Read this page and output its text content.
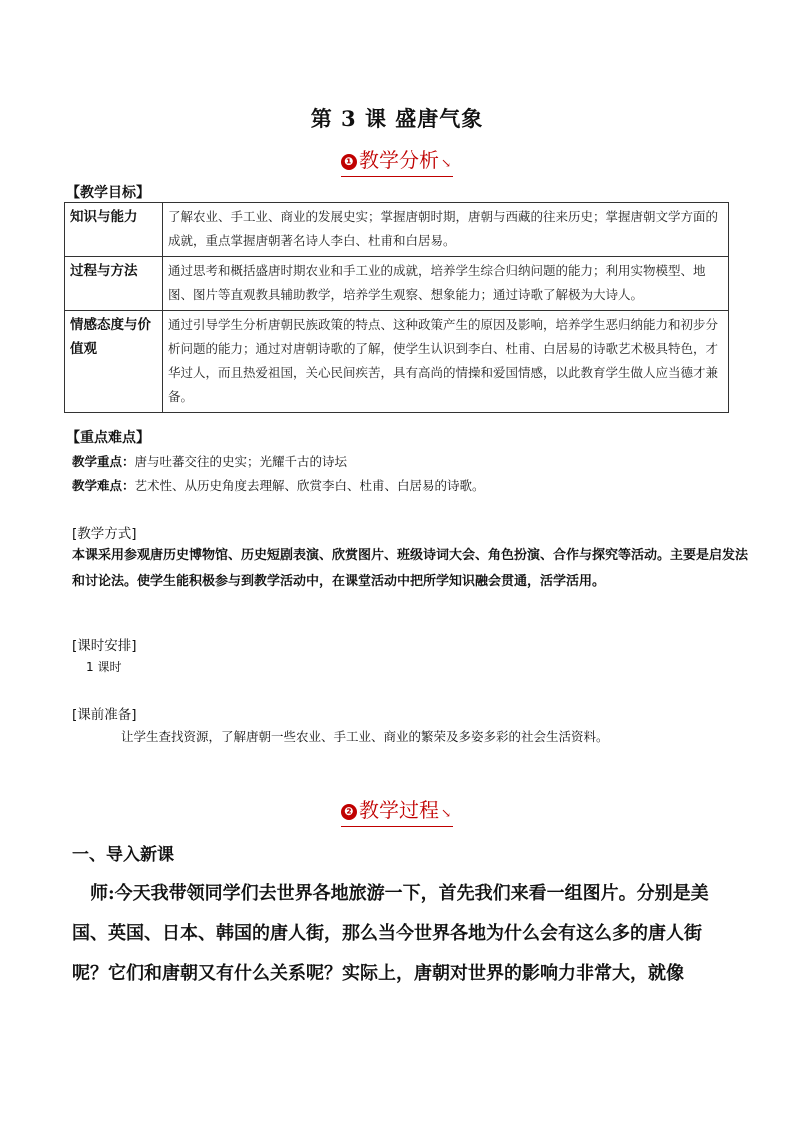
第 3 课 盛唐气象
❶ 教学分析 ↘
【教学目标】
知识与能力	了解农业、手工业、商业的发展史实；掌握唐朝时期，唐朝与西藏的往来历史；掌握唐朝文学方面的成就，重点掌握唐朝著名诗人李白、杜甫和白居易。
过程与方法	通过思考和概括盛唐时期农业和手工业的成就，培养学生综合归纳问题的能力；利用实物模型、地图、图片等直观教具辅助教学，培养学生观察、想象能力；通过诗歌了解极为大诗人。
情感态度与价值观	通过引导学生分析唐朝民族政策的特点、这种政策产生的原因及影响，培养学生恶归纳能力和初步分析问题的能力；通过对唐朝诗歌的了解，使学生认识到李白、杜甫、白居易的诗歌艺术极具特色，才华过人，而且热爱祖国，关心民间疾苦，具有高尚的情操和爱国情感，以此教育学生做人应当德才兼备。
【重点难点】
教学重点：唐与吐蕃交往的史实；光耀千古的诗坛
教学难点：艺术性、从历史角度去理解、欣赏李白、杜甫、白居易的诗歌。
[教学方式]
本课采用参观唐历史博物馆、历史短剧表演、欣赏图片、班级诗词大会、角色扮演、合作与探究等活动。主要是启发法和讨论法。使学生能积极参与到教学活动中，在课堂活动中把所学知识融会贯通，活学活用。
[课时安排]
1 课时
[课前准备]
让学生查找资源，了解唐朝一些农业、手工业、商业的繁荣及多姿多彩的社会生活资料。
❷ 教学过程 ↘
一、导入新课
师:今天我带领同学们去世界各地旅游一下，首先我们来看一组图片。分别是美国、英国、日本、韩国的唐人街，那么当今世界各地为什么会有这么多的唐人街呢？它们和唐朝又有什么关系呢？实际上，唐朝对世界的影响力非常大，就像
